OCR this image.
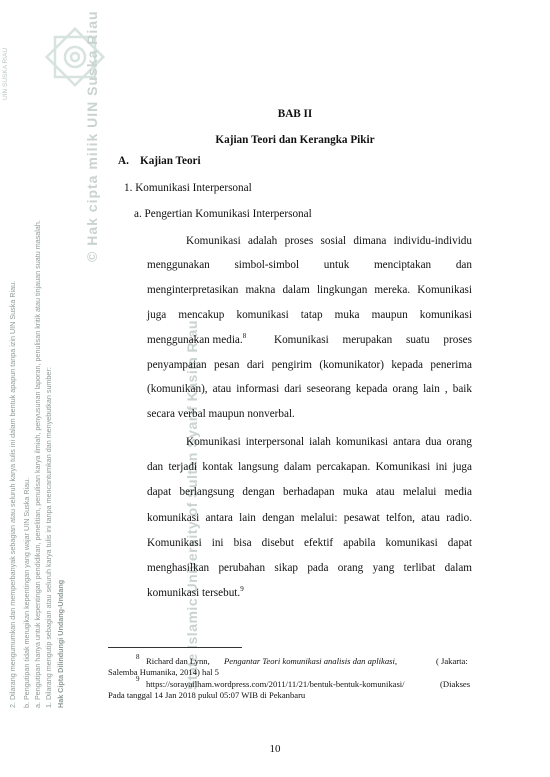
UIN SUSKA RIAU	© Hak cipta milik UIN Suska Riau
State Islamic University of Sultan Syarif Kasim Riau
2. Dilarang mengumumkan dan memperbanyak sebagian atau seluruh karya tulis ini dalam bentuk apapun tanpa izin UIN Suska Riau. b. Pengutipan tidak merugikan kepentingan yang wajar UIN Suska Riau. a. Pengutipan hanya untuk kepentingan pendidikan, penelitian, penulisan karya ilmiah, penyusunan laporan, penulisan kritik atau tinjauan suatu masalah. 1. Dilarang mengutip sebagian atau seluruh karya tulis ini tanpa mencantumkan dan menyebutkan sumber: Hak Cipta Dilindungi Undang-Undang
BAB II
Kajian Teori dan Kerangka Pikir
A. Kajian Teori
1. Komunikasi Interpersonal
a. Pengertian Komunikasi Interpersonal
Komunikasi adalah proses sosial dimana individu-individu
menggunakan simbol-simbol untuk menciptakan dan
menginterpretasikan makna dalam lingkungan mereka. Komunikasi
juga mencakup komunikasi tatap muka maupun komunikasi
menggunakan media.$^8$ Komunikasi merupakan suatu proses
penyampaian pesan dari pengirim (komunikator) kepada penerima
(komunikan), atau informasi dari seseorang kepada orang lain , baik
secara verbal maupun nonverbal.
Komunikasi interpersonal ialah komunikasi antara dua orang
dan terjadi kontak langsung dalam percakapan. Komunikasi ini juga
dapat berlangsung dengan berhadapan muka atau melalui media
komunikasi antara lain dengan melalui: pesawat telfon, atau radio.
Komunikasi ini bisa disebut efektif apabila komunikasi dapat
menghasilkan perubahan sikap pada orang yang terlibat dalam
komunikasi tersebut.$^9$
$^8$ Richard dan Lynn, Pengantar Teori komunikasi analisis dan aplikasi,	( Jakarta:
Salemba Humanika, 2014) hal 5
$^9$ https://sorayailham.wordpress.com/2011/11/21/bentuk-bentuk-komunikasi/	(Diakses
Pada tanggal 14 Jan 2018 pukul 05:07 WIB di Pekanbaru
10
